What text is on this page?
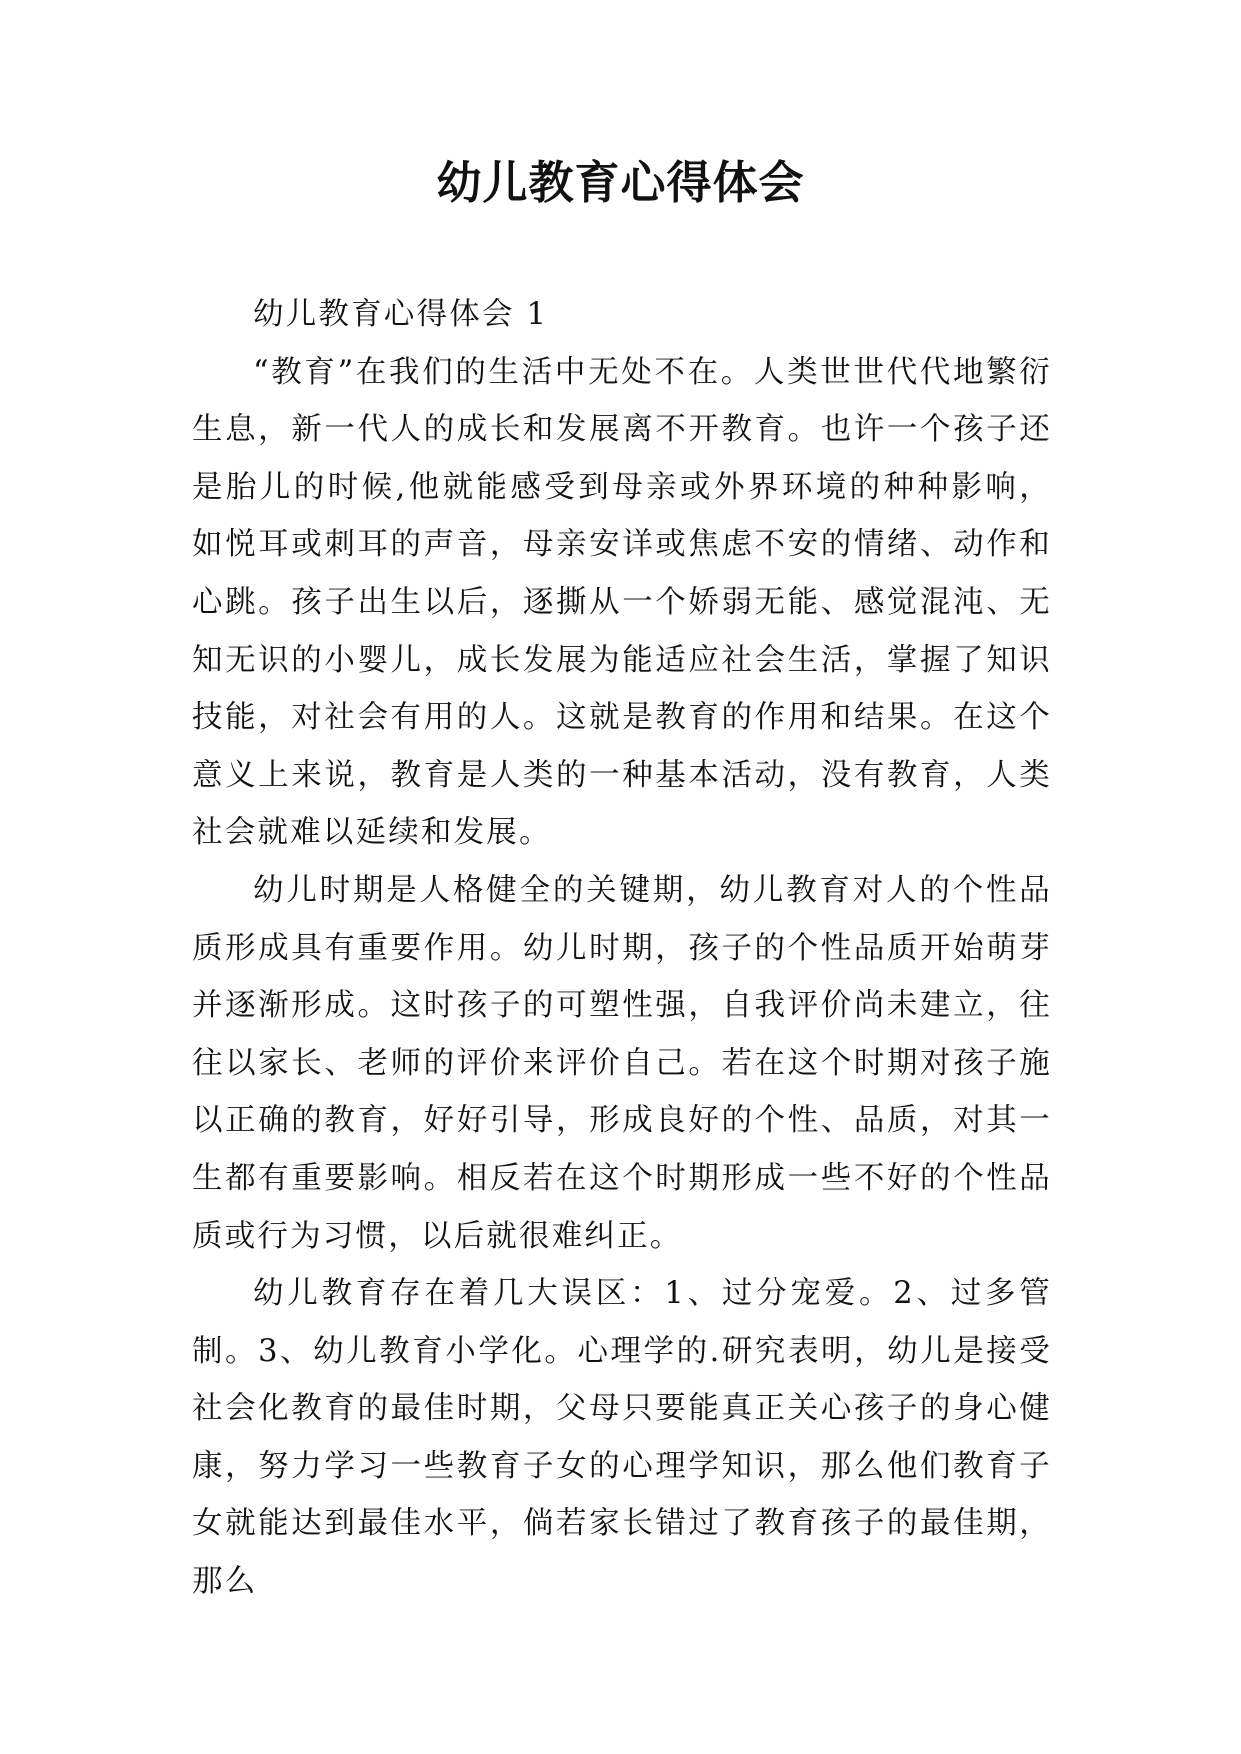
幼儿教育心得体会

幼儿教育心得体会 1

“教育”在我们的生活中无处不在。人类世世代代地繁衍生息，新一代人的成长和发展离不开教育。也许一个孩子还是胎儿的时候,他就能感受到母亲或外界环境的种种影响，如悦耳或刺耳的声音，母亲安详或焦虑不安的情绪、动作和心跳。孩子出生以后，逐撕从一个娇弱无能、感觉混沌、无知无识的小婴儿，成长发展为能适应社会生活，掌握了知识技能，对社会有用的人。这就是教育的作用和结果。在这个意义上来说，教育是人类的一种基本活动，没有教育，人类社会就难以延续和发展。

幼儿时期是人格健全的关键期，幼儿教育对人的个性品质形成具有重要作用。幼儿时期，孩子的个性品质开始萌芽并逐渐形成。这时孩子的可塑性强，自我评价尚未建立，往往以家长、老师的评价来评价自己。若在这个时期对孩子施以正确的教育，好好引导，形成良好的个性、品质，对其一生都有重要影响。相反若在这个时期形成一些不好的个性品质或行为习惯，以后就很难纠正。

幼儿教育存在着几大误区：1、过分宠爱。2、过多管制。3、幼儿教育小学化。心理学的.研究表明，幼儿是接受社会化教育的最佳时期，父母只要能真正关心孩子的身心健康，努力学习一些教育子女的心理学知识，那么他们教育子女就能达到最佳水平，倘若家长错过了教育孩子的最佳期，那么
